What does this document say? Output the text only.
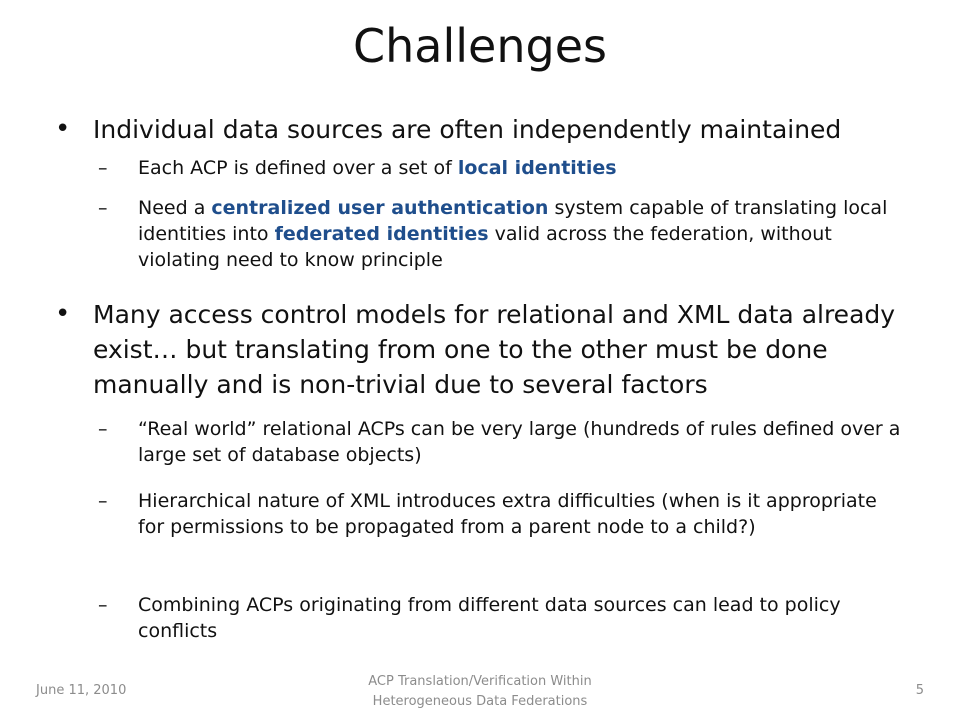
Challenges
• Individual data sources are often independently maintained
– Each ACP is defined over a set of local identities
– Need a centralized user authentication system capable of translating local identities into federated identities valid across the federation, without violating need to know principle
• Many access control models for relational and XML data already exist… but translating from one to the other must be done manually and is non-trivial due to several factors
– “Real world” relational ACPs can be very large (hundreds of rules defined over a large set of database objects)
– Hierarchical nature of XML introduces extra difficulties (when is it appropriate for permissions to be propagated from a parent node to a child?)
– Combining ACPs originating from different data sources can lead to policy conflicts
June 11, 2010
ACP Translation/Verification Within
Heterogeneous Data Federations
5
